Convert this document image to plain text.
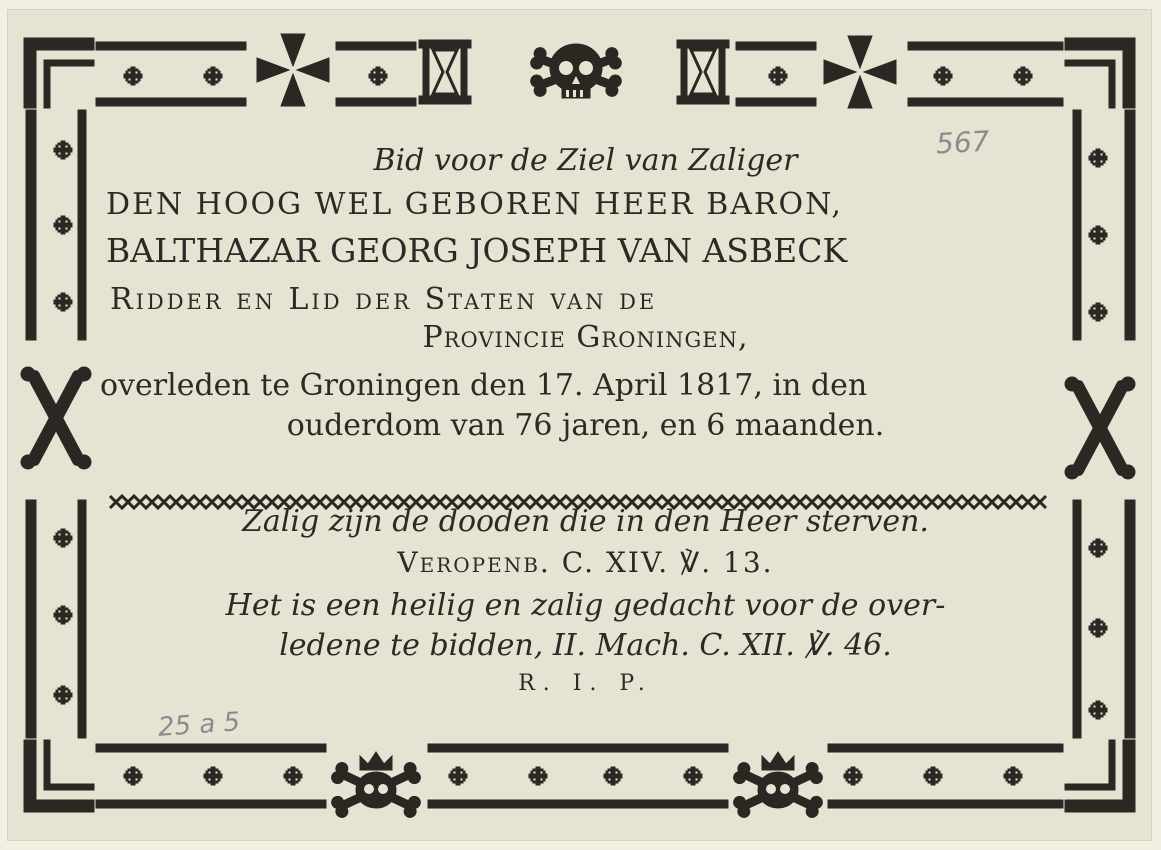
Bid voor de Ziel van Zaliger
DEN HOOG WEL GEBOREN HEER BARON,
BALTHAZAR GEORG JOSEPH VAN ASBECK
Ridder en Lid der Staten van de
Provincie Groningen,
overleden te Groningen den 17. April 1817, in den
ouderdom van 76 jaren, en 6 maanden.
Zalig zijn de dooden die in den Heer sterven.
Veropenb. C. XIV. ℣. 13.
Het is een heilig en zalig gedacht voor de over-
ledene te bidden, II. Mach. C. XII. ℣. 46.
R. I. P.
567
25 a 5
